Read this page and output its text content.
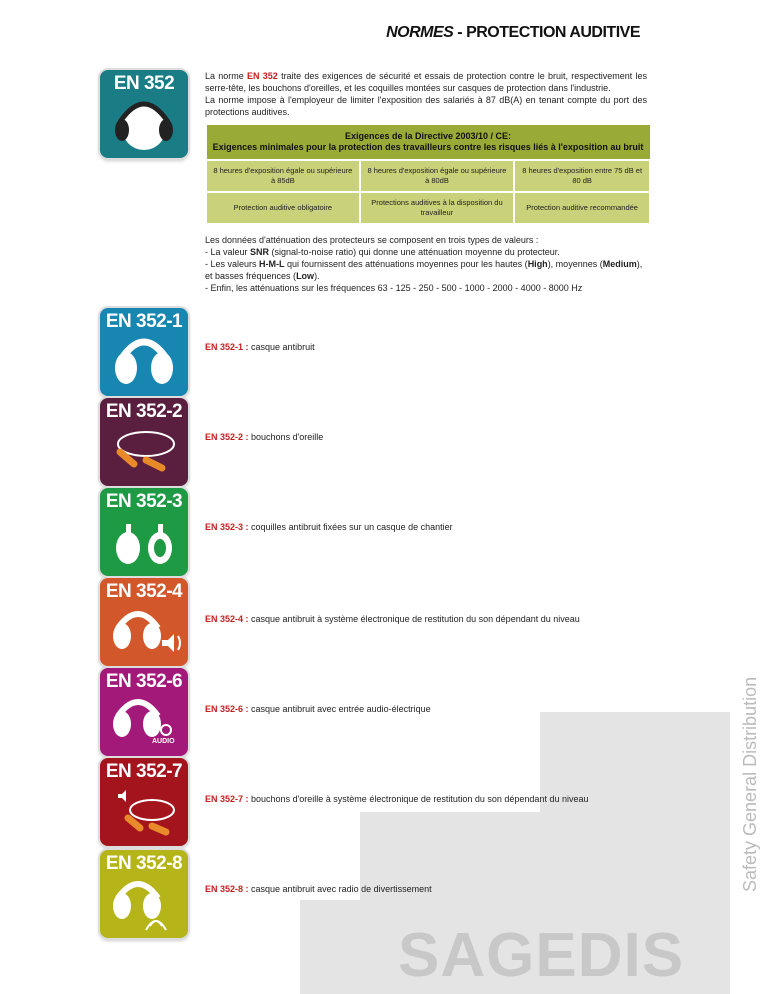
NORMES - PROTECTION AUDITIVE
EN 352	La norme EN 352 traite des exigences de sécurité et essais de protection contre le bruit, respectivement les serre-tête, les bouchons d'oreilles, et les coquilles montées sur casques de protection dans l'industrie.
La norme impose à l'employeur de limiter l'exposition des salariés à 87 dB(A) en tenant compte du port des protections auditives.
Exigences de la Directive 2003/10 / CE:
Exigences minimales pour la protection des travailleurs contre les risques liés à l'exposition au bruit		
8 heures d'exposition égale ou supérieure à 85dB	8 heures d'exposition égale ou supérieure à 80dB	8 heures d'exposition entre 75 dB et 80 dB
Protection auditive obligatoire	Protections auditives à la disposition du travailleur	Protection auditive recommandée
Les données d'atténuation des protecteurs se composent en trois types de valeurs :
- La valeur SNR (signal-to-noise ratio) qui donne une atténuation moyenne du protecteur.
- Les valeurs H-M-L qui fournissent des atténuations moyennes pour les hautes (High), moyennes (Medium), et basses fréquences (Low).
- Enfin, les atténuations sur les fréquences 63 - 125 - 250 - 500 - 1000 - 2000 - 4000 - 8000 Hz
EN 352-1
EN 352-1 : casque antibruit
EN 352-2
EN 352-2 : bouchons d'oreille
EN 352-3
EN 352-3 : coquilles antibruit fixées sur un casque de chantier
EN 352-4
EN 352-4 : casque antibruit à système électronique de restitution du son dépendant du niveau
EN 352-6
AUDIO
EN 352-6 : casque antibruit avec entrée audio-électrique
EN 352-7
EN 352-7 : bouchons d'oreille à système électronique de restitution du son dépendant du niveau
EN 352-8
EN 352-8 : casque antibruit avec radio de divertissement	Safety General Distribution
SAGEDIS
